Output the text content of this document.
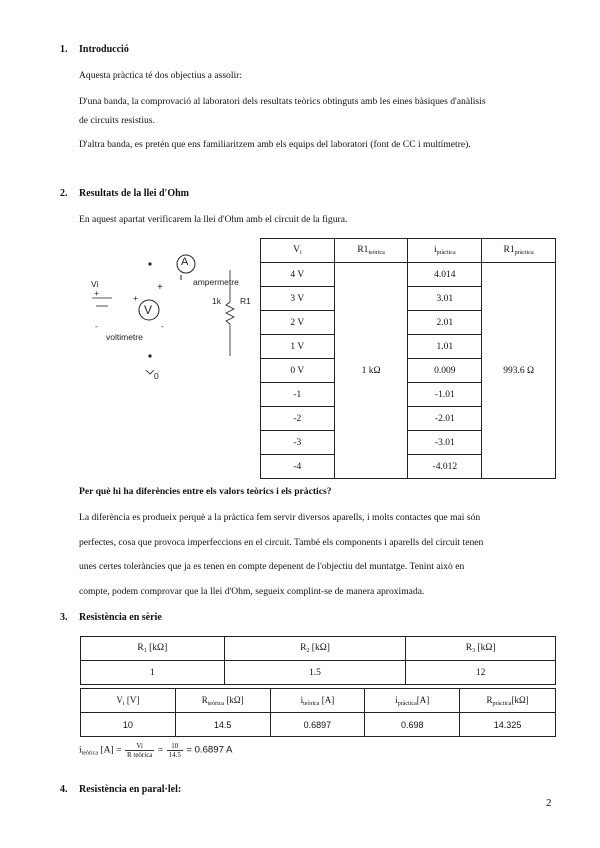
1. Introducció
Aquesta pràctica té dos objectius a assolir:
D'una banda, la comprovació al laboratori dels resultats teòrics obtinguts amb les eines bàsiques d'anàlisis
de circuits resistius.
D'altra banda, es pretén que ens familiaritzem amb els equips del laboratori (font de CC i multímetre).
2. Resultats de la llei d'Ohm
En aquest apartat verificarem la llei d'Ohm amb el circuit de la figura.
A
ampermetre
+
Vi
+
-
V
+
-
voltimetre
1k R1
0
$V_i$	$R1_{teòrica}$	$i_{pràctica}$	$R1_{pràctica}$
4 V	1 kΩ	4.014	993.6 Ω
3 V		3.01	
2 V		2.01	
1 V		1.01	
0 V		0.009	
-1		-1.01	
-2		-2.01	
-3		-3.01	
-4		-4.012	
Per què hi ha diferències entre els valors teòrics i els pràctics?
La diferència es produeix perquè a la pràctica fem servir diversos aparells, i molts contactes que mai són
perfectes, cosa que provoca imperfeccions en el circuit. També els components i aparells del circuit tenen
unes certes toleràncies que ja es tenen en compte depenent de l'objectiu del muntatge. Tenint això en
compte, podem comprovar que la llei d'Ohm, segueix complint-se de manera aproximada.
3. Resistència en sèrie
$R_1$ [kΩ]	$R_2$ [kΩ]	$R_3$ [kΩ]
1	1.5	12
$V_i$ [V]	$R_{teòrica}$ [kΩ]	$i_{teòrica}$ [A]	$i_{pràctica}[A]$	$R_{pràctica}[k\Omega]$
10	14.5	0.6897	0.698	14.325
$i_{teòrica}$ $[A] = \frac{Vi}{\text{R teòrica}} = \frac{10}{14.5} = 0.6897$ A
4. Resistència en paral·lel:
2
